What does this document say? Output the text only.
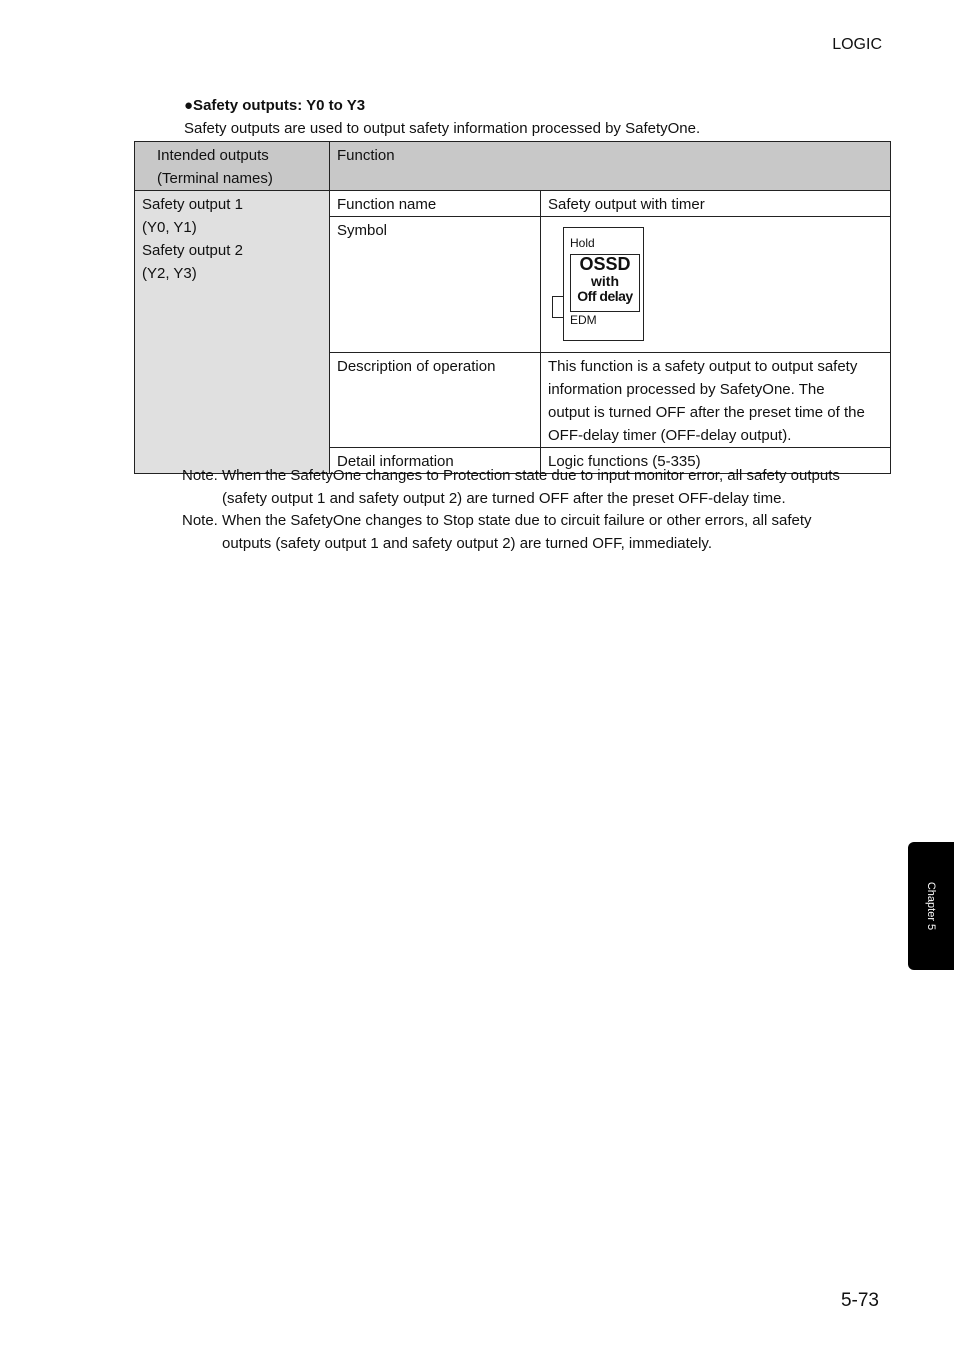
LOGIC
●Safety outputs: Y0 to Y3
Safety outputs are used to output safety information processed by SafetyOne.
Intended outputs
(Terminal names)	Function	

Safety output 1
(Y0, Y1)
Safety output 2
(Y2, Y3)	Function name	Safety output with timer
	Symbol	Hold
OSSD
with
Off delay
EDM

	Description of operation	This function is a safety output to output safety
information processed by SafetyOne. The
output is turned OFF after the preset time of the
OFF-delay timer (OFF-delay output).

	Detail information	Logic functions (5-335)
Note. When the SafetyOne changes to Protection state due to input monitor error, all safety outputs
(safety output 1 and safety output 2) are turned OFF after the preset OFF-delay time.
Note. When the SafetyOne changes to Stop state due to circuit failure or other errors, all safety
outputs (safety output 1 and safety output 2) are turned OFF, immediately.
Chapter 5
5-73
